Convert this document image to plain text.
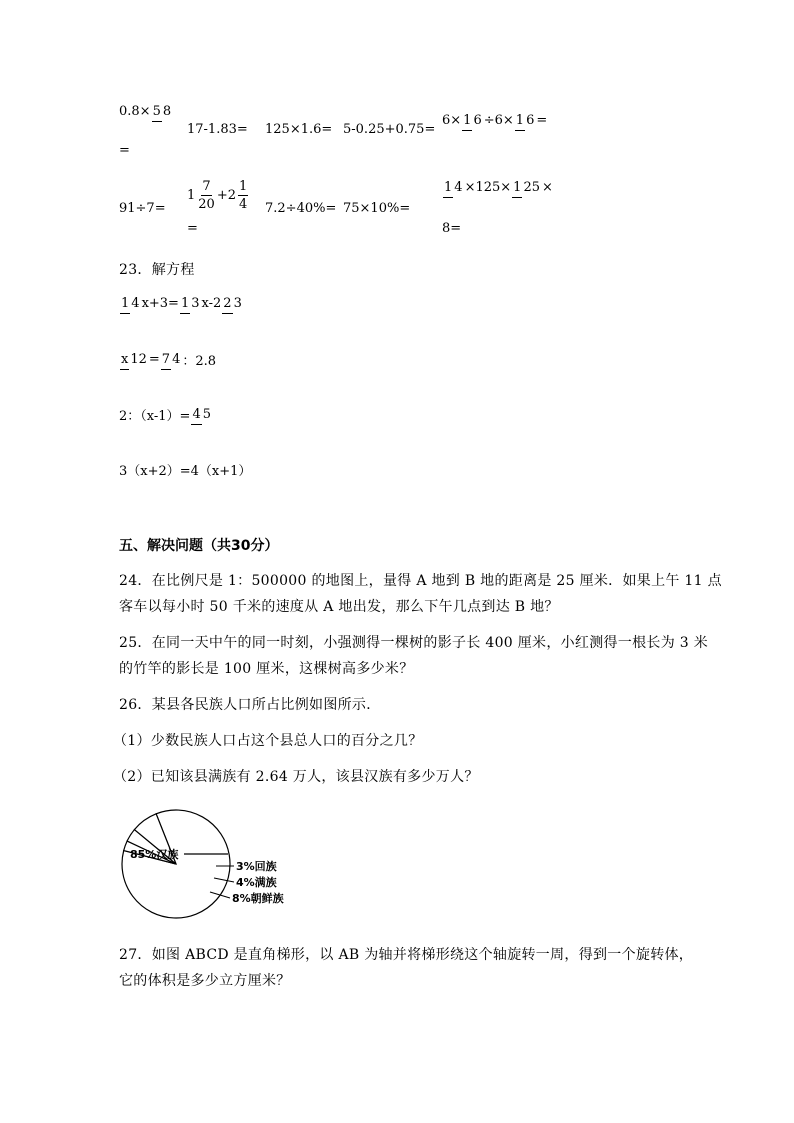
0.8× 5 8
=
17-1.83= 125×1.6= 5-0.25+0.75=
6× 1 6 ÷6× 1 6 =
91÷7=
$1 \frac{7}{20} + 2 \frac{1}{4}$
=
7.2÷40%= 75×10%=
1 4 ×125× 1 25 ×
8=
23．解方程
1 4 x+3= 1 3 x-2 2 3
x 12 = 7 4 ：2.8
2：（x-1）= 4 5
3（x+2）=4（x+1）
五、解决问题（共30分）
24．在比例尺是 1：500000 的地图上，量得 A 地到 B 地的距离是 25 厘米．如果上午 11 点
客车以每小时 50 千米的速度从 A 地出发，那么下午几点到达 B 地？
25．在同一天中午的同一时刻，小强测得一棵树的影子长 400 厘米，小红测得一根长为 3 米
的竹竿的影长是 100 厘米，这棵树高多少米？
26．某县各民族人口所占比例如图所示．
（1）少数民族人口占这个县总人口的百分之几？
（2）已知该县满族有 2.64 万人，该县汉族有多少万人？
85%汉族
3%回族
4%满族
8%朝鲜族
27．如图 ABCD 是直角梯形，以 AB 为轴并将梯形绕这个轴旋转一周，得到一个旋转体，
它的体积是多少立方厘米？
